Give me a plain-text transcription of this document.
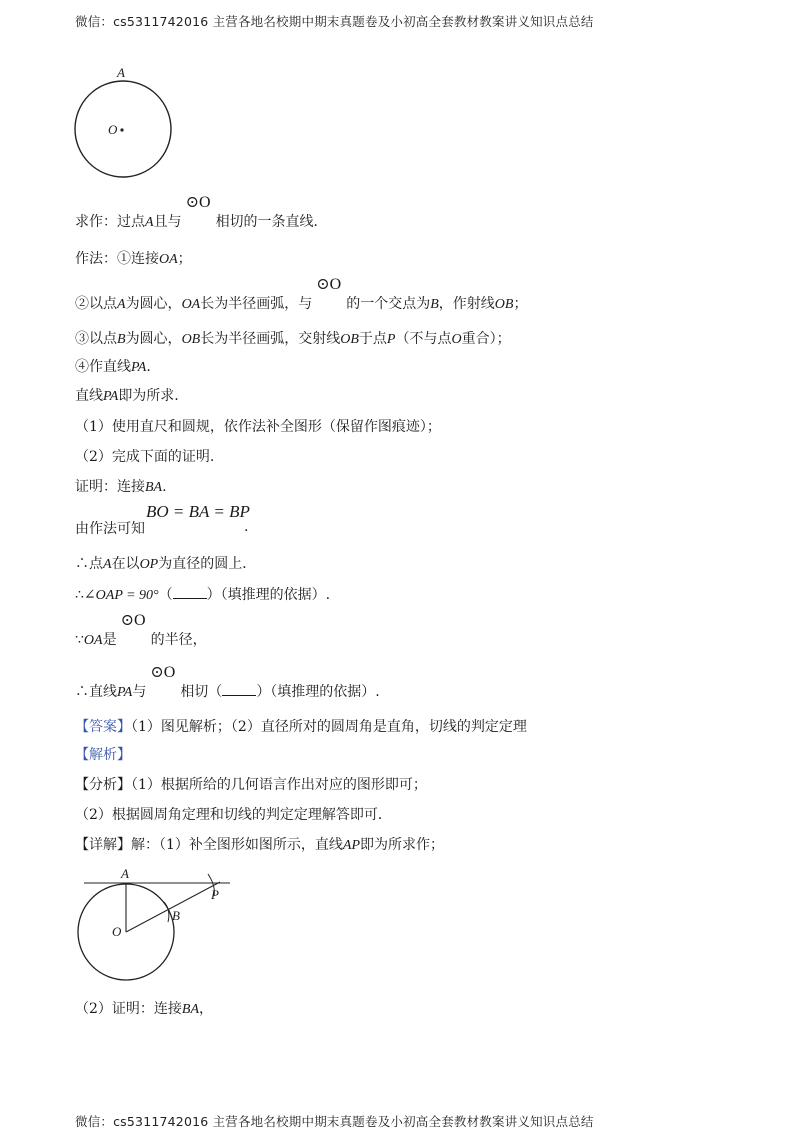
微信：cs5311742016 主营各地名校期中期末真题卷及小初高全套教材教案讲义知识点总结
A
O
求作：过点A且与
⊙O
相切的一条直线．
作法：①连接OA；
②以点A为圆心，OA长为半径画弧，与
⊙O
的一个交点为B，作射线OB；
③以点B为圆心，OB长为半径画弧，交射线OB于点P（不与点O重合）；
④作直线PA.
直线PA即为所求.
（1）使用直尺和圆规，依作法补全图形（保留作图痕迹）；
（2）完成下面的证明.
证明：连接BA.
由作法可知
BO = BA = BP
.
∴点A在以OP为直径的圆上．
∴∠OAP = 90°（ ）（填推理的依据）.
∵OA是
⊙O
的半径，
∴直线PA与
⊙O
相切（ ）（填推理的依据）.
【答案】（1）图见解析；（2）直径所对的圆周角是直角，切线的判定定理
【解析】
【分析】（1）根据所给的几何语言作出对应的图形即可；
（2）根据圆周角定理和切线的判定定理解答即可．
【详解】解：（1）补全图形如图所示，直线AP即为所求作；
A
O
B
P
（2）证明：连接BA，
微信：cs5311742016 主营各地名校期中期末真题卷及小初高全套教材教案讲义知识点总结
